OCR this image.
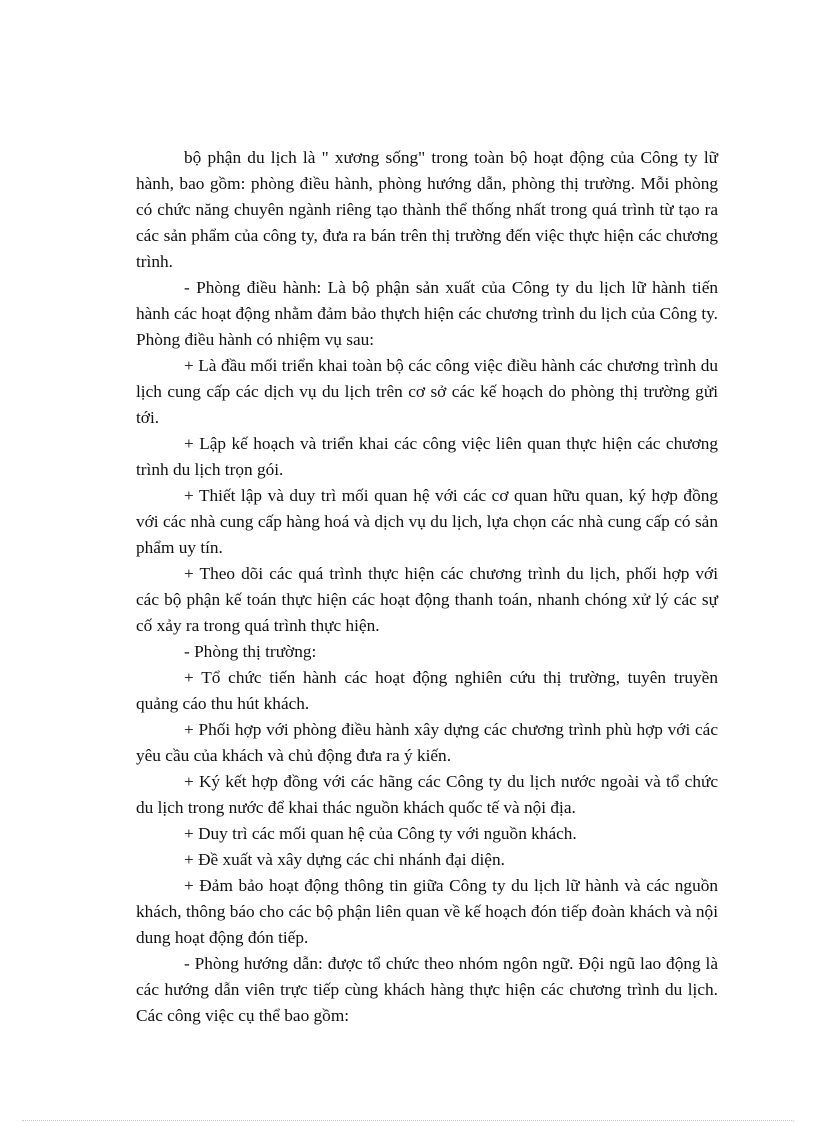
bộ phận du lịch là " xương sống" trong toàn bộ hoạt động của Công ty lữ hành, bao gồm: phòng điều hành, phòng hướng dẫn, phòng thị trường. Mỗi phòng có chức năng chuyên ngành riêng tạo thành thể thống nhất trong quá trình từ tạo ra các sản phẩm của công ty, đưa ra bán trên thị trường đến việc thực hiện các chương trình.

- Phòng điều hành: Là bộ phận sản xuất của Công ty du lịch lữ hành tiến hành các hoạt động nhằm đảm bảo thựch hiện các chương trình du lịch của Công ty. Phòng điều hành có nhiệm vụ sau:

+ Là đầu mối triển khai toàn bộ các công việc điều hành các chương trình du lịch cung cấp các dịch vụ du lịch trên cơ sở các kế hoạch do phòng thị trường gửi tới.

+ Lập kế hoạch và triển khai các công việc liên quan thực hiện các chương trình du lịch trọn gói.

+ Thiết lập và duy trì mối quan hệ với các cơ quan hữu quan, ký hợp đồng với các nhà cung cấp hàng hoá và dịch vụ du lịch, lựa chọn các nhà cung cấp có sản phẩm uy tín.

+ Theo dõi các quá trình thực hiện các chương trình du lịch, phối hợp với các bộ phận kế toán thực hiện các hoạt động thanh toán, nhanh chóng xử lý các sự cố xảy ra trong quá trình thực hiện.

- Phòng thị trường:

+ Tổ chức tiến hành các hoạt động nghiên cứu thị trường, tuyên truyền quảng cáo thu hút khách.

+ Phối hợp với phòng điều hành xây dựng các chương trình phù hợp với các yêu cầu của khách và chủ động đưa ra ý kiến.

+ Ký kết hợp đồng với các hãng các Công ty du lịch nước ngoài và tổ chức du lịch trong nước để khai thác nguồn khách quốc tế và nội địa.

+ Duy trì các mối quan hệ của Công ty với nguồn khách.

+ Đề xuất và xây dựng các chi nhánh đại diện.

+ Đảm bảo hoạt động thông tin giữa Công ty du lịch lữ hành và các nguồn khách, thông báo cho các bộ phận liên quan về kế hoạch đón tiếp đoàn khách và nội dung hoạt động đón tiếp.

- Phòng hướng dẫn: được tổ chức theo nhóm ngôn ngữ. Đội ngũ lao động là các hướng dẫn viên trực tiếp cùng khách hàng thực hiện các chương trình du lịch. Các công việc cụ thể bao gồm:
